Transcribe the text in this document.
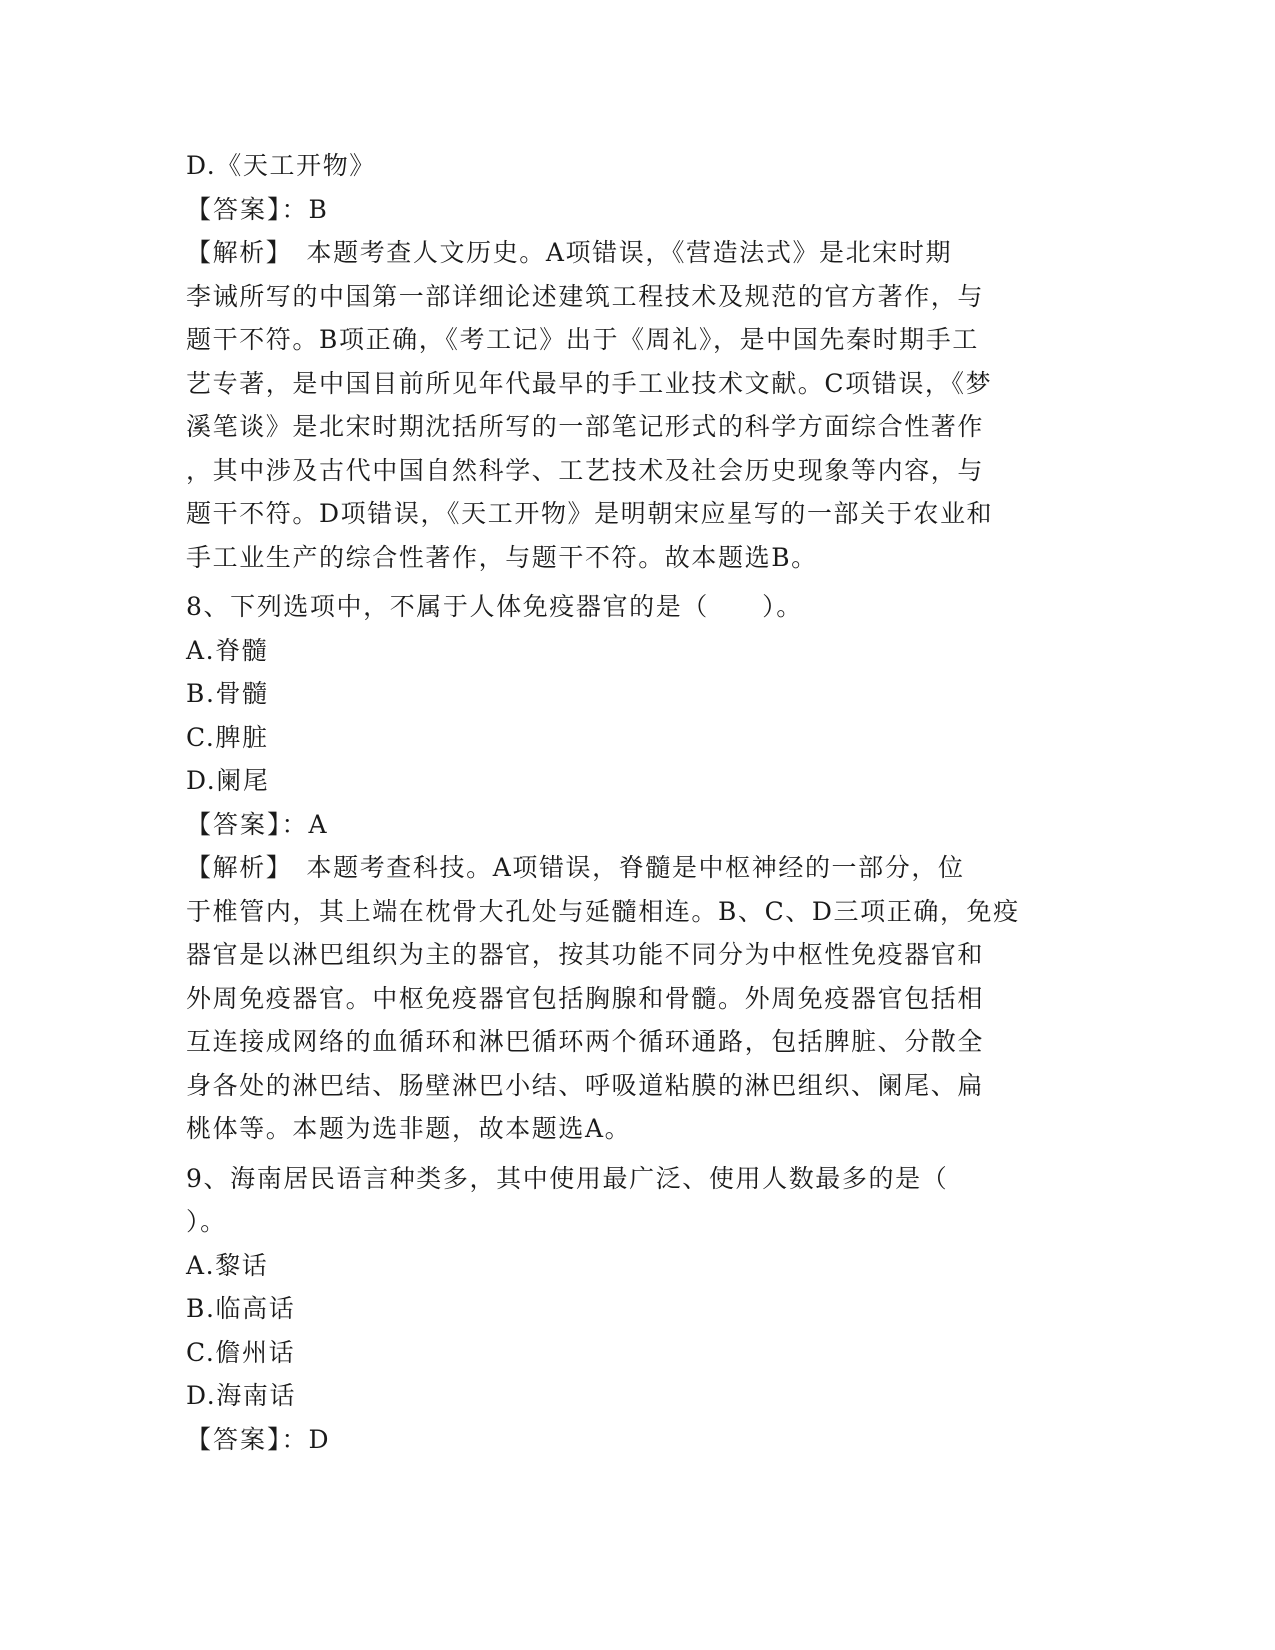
D.《天工开物》
【答案】：B
【解析】　本题考查人文历史。A项错误，《营造法式》是北宋时期
李诫所写的中国第一部详细论述建筑工程技术及规范的官方著作，与
题干不符。B项正确，《考工记》出于《周礼》，是中国先秦时期手工
艺专著，是中国目前所见年代最早的手工业技术文献。C项错误，《梦
溪笔谈》是北宋时期沈括所写的一部笔记形式的科学方面综合性著作
，其中涉及古代中国自然科学、工艺技术及社会历史现象等内容，与
题干不符。D项错误，《天工开物》是明朝宋应星写的一部关于农业和
手工业生产的综合性著作，与题干不符。故本题选B。
8、下列选项中，不属于人体免疫器官的是（　　）。
A.脊髓
B.骨髓
C.脾脏
D.阑尾
【答案】：A
【解析】　本题考查科技。A项错误，脊髓是中枢神经的一部分，位
于椎管内，其上端在枕骨大孔处与延髓相连。B、C、D三项正确，免疫
器官是以淋巴组织为主的器官，按其功能不同分为中枢性免疫器官和
外周免疫器官。中枢免疫器官包括胸腺和骨髓。外周免疫器官包括相
互连接成网络的血循环和淋巴循环两个循环通路，包括脾脏、分散全
身各处的淋巴结、肠壁淋巴小结、呼吸道粘膜的淋巴组织、阑尾、扁
桃体等。本题为选非题，故本题选A。
9、海南居民语言种类多，其中使用最广泛、使用人数最多的是（
）。
A.黎话
B.临高话
C.儋州话
D.海南话
【答案】：D
